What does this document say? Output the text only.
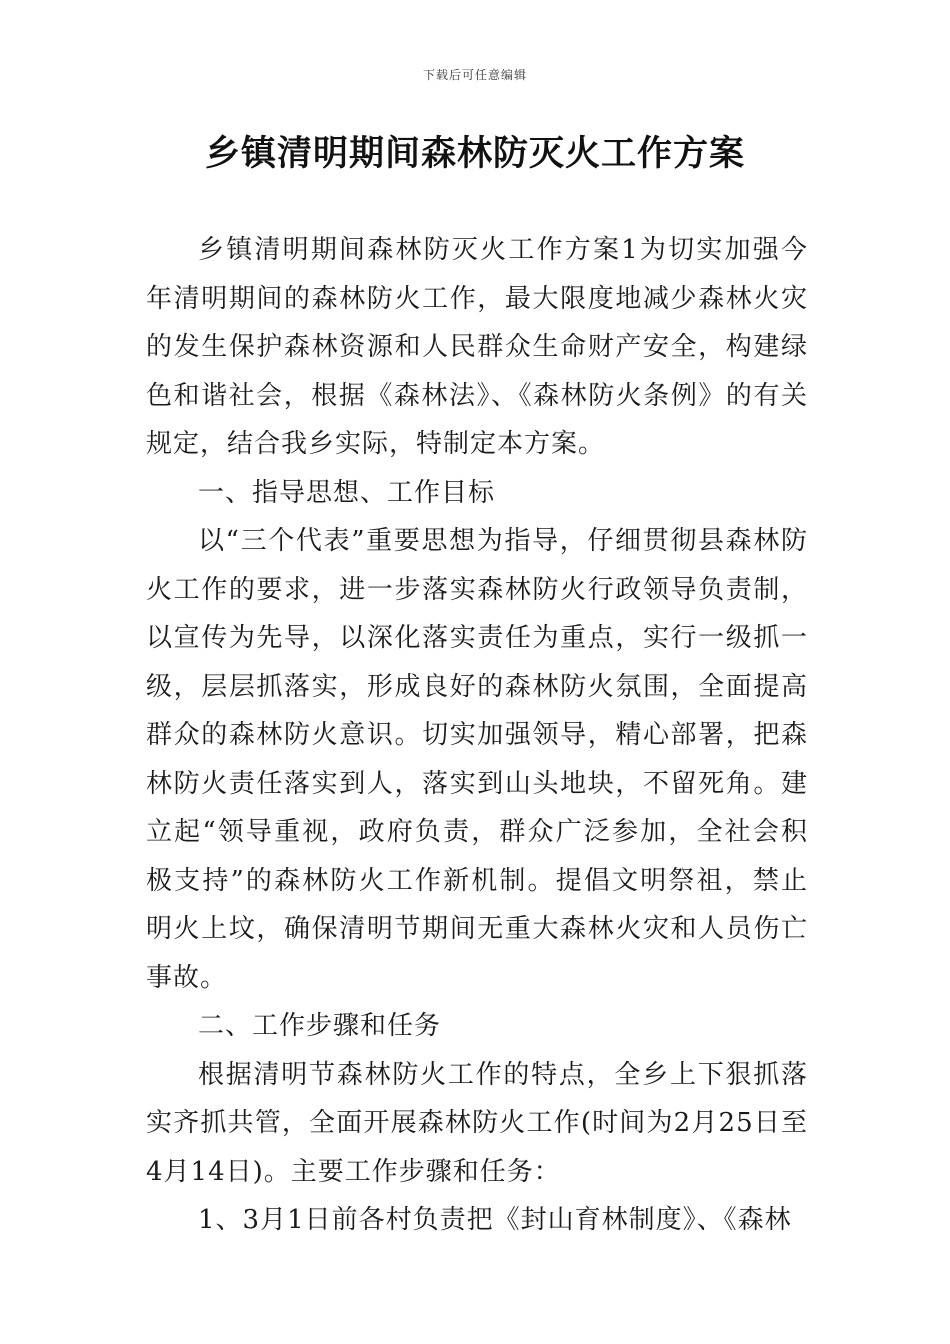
下载后可任意编辑
乡镇清明期间森林防灭火工作方案

乡镇清明期间森林防灭火工作方案1为切实加强今年清明期间的森林防火工作，最大限度地减少森林火灾的发生保护森林资源和人民群众生命财产安全，构建绿色和谐社会，根据《森林法》、《森林防火条例》的有关规定，结合我乡实际，特制定本方案。

一、指导思想、工作目标

以“三个代表”重要思想为指导，仔细贯彻县森林防火工作的要求，进一步落实森林防火行政领导负责制，以宣传为先导，以深化落实责任为重点，实行一级抓一级，层层抓落实，形成良好的森林防火氛围，全面提高群众的森林防火意识。切实加强领导，精心部署，把森林防火责任落实到人，落实到山头地块，不留死角。建立起“领导重视，政府负责，群众广泛参加，全社会积极支持”的森林防火工作新机制。提倡文明祭祖，禁止明火上坟，确保清明节期间无重大森林火灾和人员伤亡事故。

二、工作步骤和任务

根据清明节森林防火工作的特点，全乡上下狠抓落实齐抓共管，全面开展森林防火工作(时间为2月25日至4月14日)。主要工作步骤和任务：

1、3月1日前各村负责把《封山育林制度》、《森林
